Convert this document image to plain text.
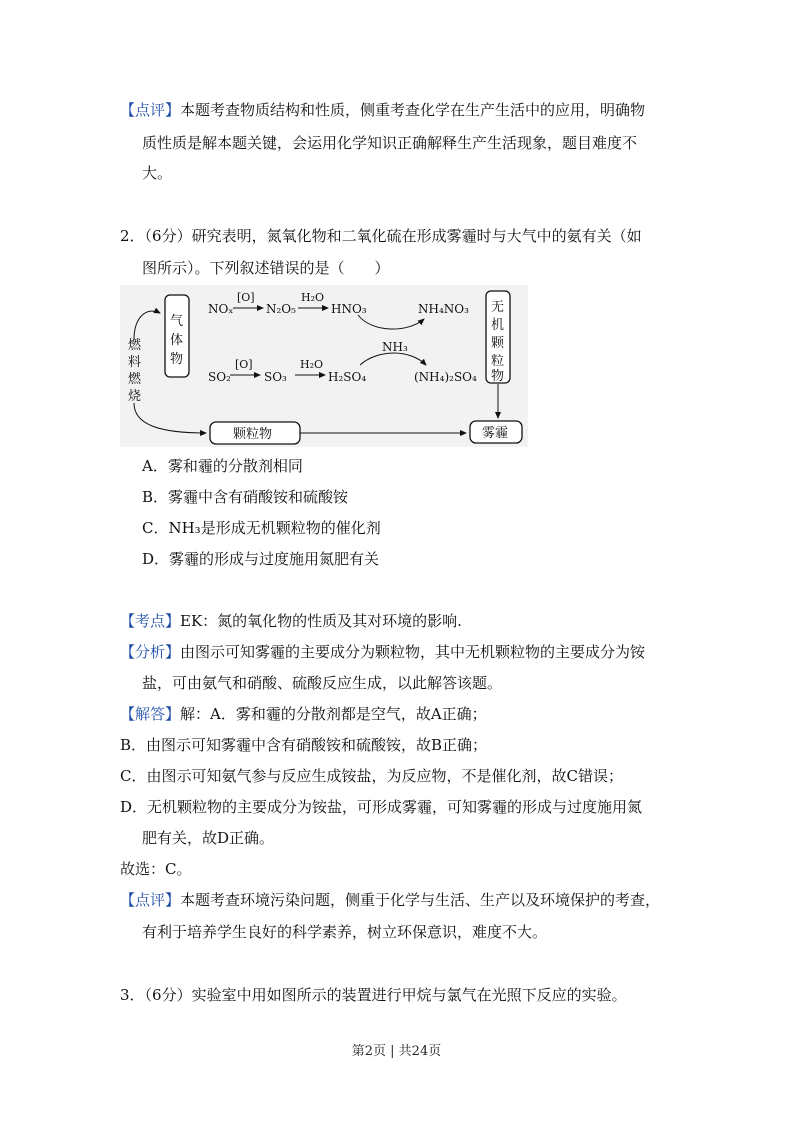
【点评】本题考查物质结构和性质，侧重考查化学在生产生活中的应用，明确物
质性质是解本题关键，会运用化学知识正确解释生产生活现象，题目难度不
大。
2．（6分）研究表明，氮氧化物和二氧化硫在形成雾霾时与大气中的氨有关（如
图所示）。下列叙述错误的是（　　）
燃
料
燃
烧
气
体
物
NOₓ
[O]
N₂O₅
H₂O
HNO₃	NH₄NO₃
NH₃
SO₂
[O]
SO₃
H₂O
H₂SO₄	(NH₄)₂SO₄
无
机
颗
粒
物
颗粒物	雾霾
A．雾和霾的分散剂相同
B．雾霾中含有硝酸铵和硫酸铵
C．NH₃是形成无机颗粒物的催化剂
D．雾霾的形成与过度施用氮肥有关
【考点】EK：氮的氧化物的性质及其对环境的影响.
【分析】由图示可知雾霾的主要成分为颗粒物，其中无机颗粒物的主要成分为铵
盐，可由氨气和硝酸、硫酸反应生成，以此解答该题。
【解答】解：A．雾和霾的分散剂都是空气，故A正确；
B．由图示可知雾霾中含有硝酸铵和硫酸铵，故B正确；
C．由图示可知氨气参与反应生成铵盐，为反应物，不是催化剂，故C错误；
D．无机颗粒物的主要成分为铵盐，可形成雾霾，可知雾霾的形成与过度施用氮
肥有关，故D正确。
故选：C。
【点评】本题考查环境污染问题，侧重于化学与生活、生产以及环境保护的考查，
有利于培养学生良好的科学素养，树立环保意识，难度不大。
3．（6分）实验室中用如图所示的装置进行甲烷与氯气在光照下反应的实验。
第2页 | 共24页
